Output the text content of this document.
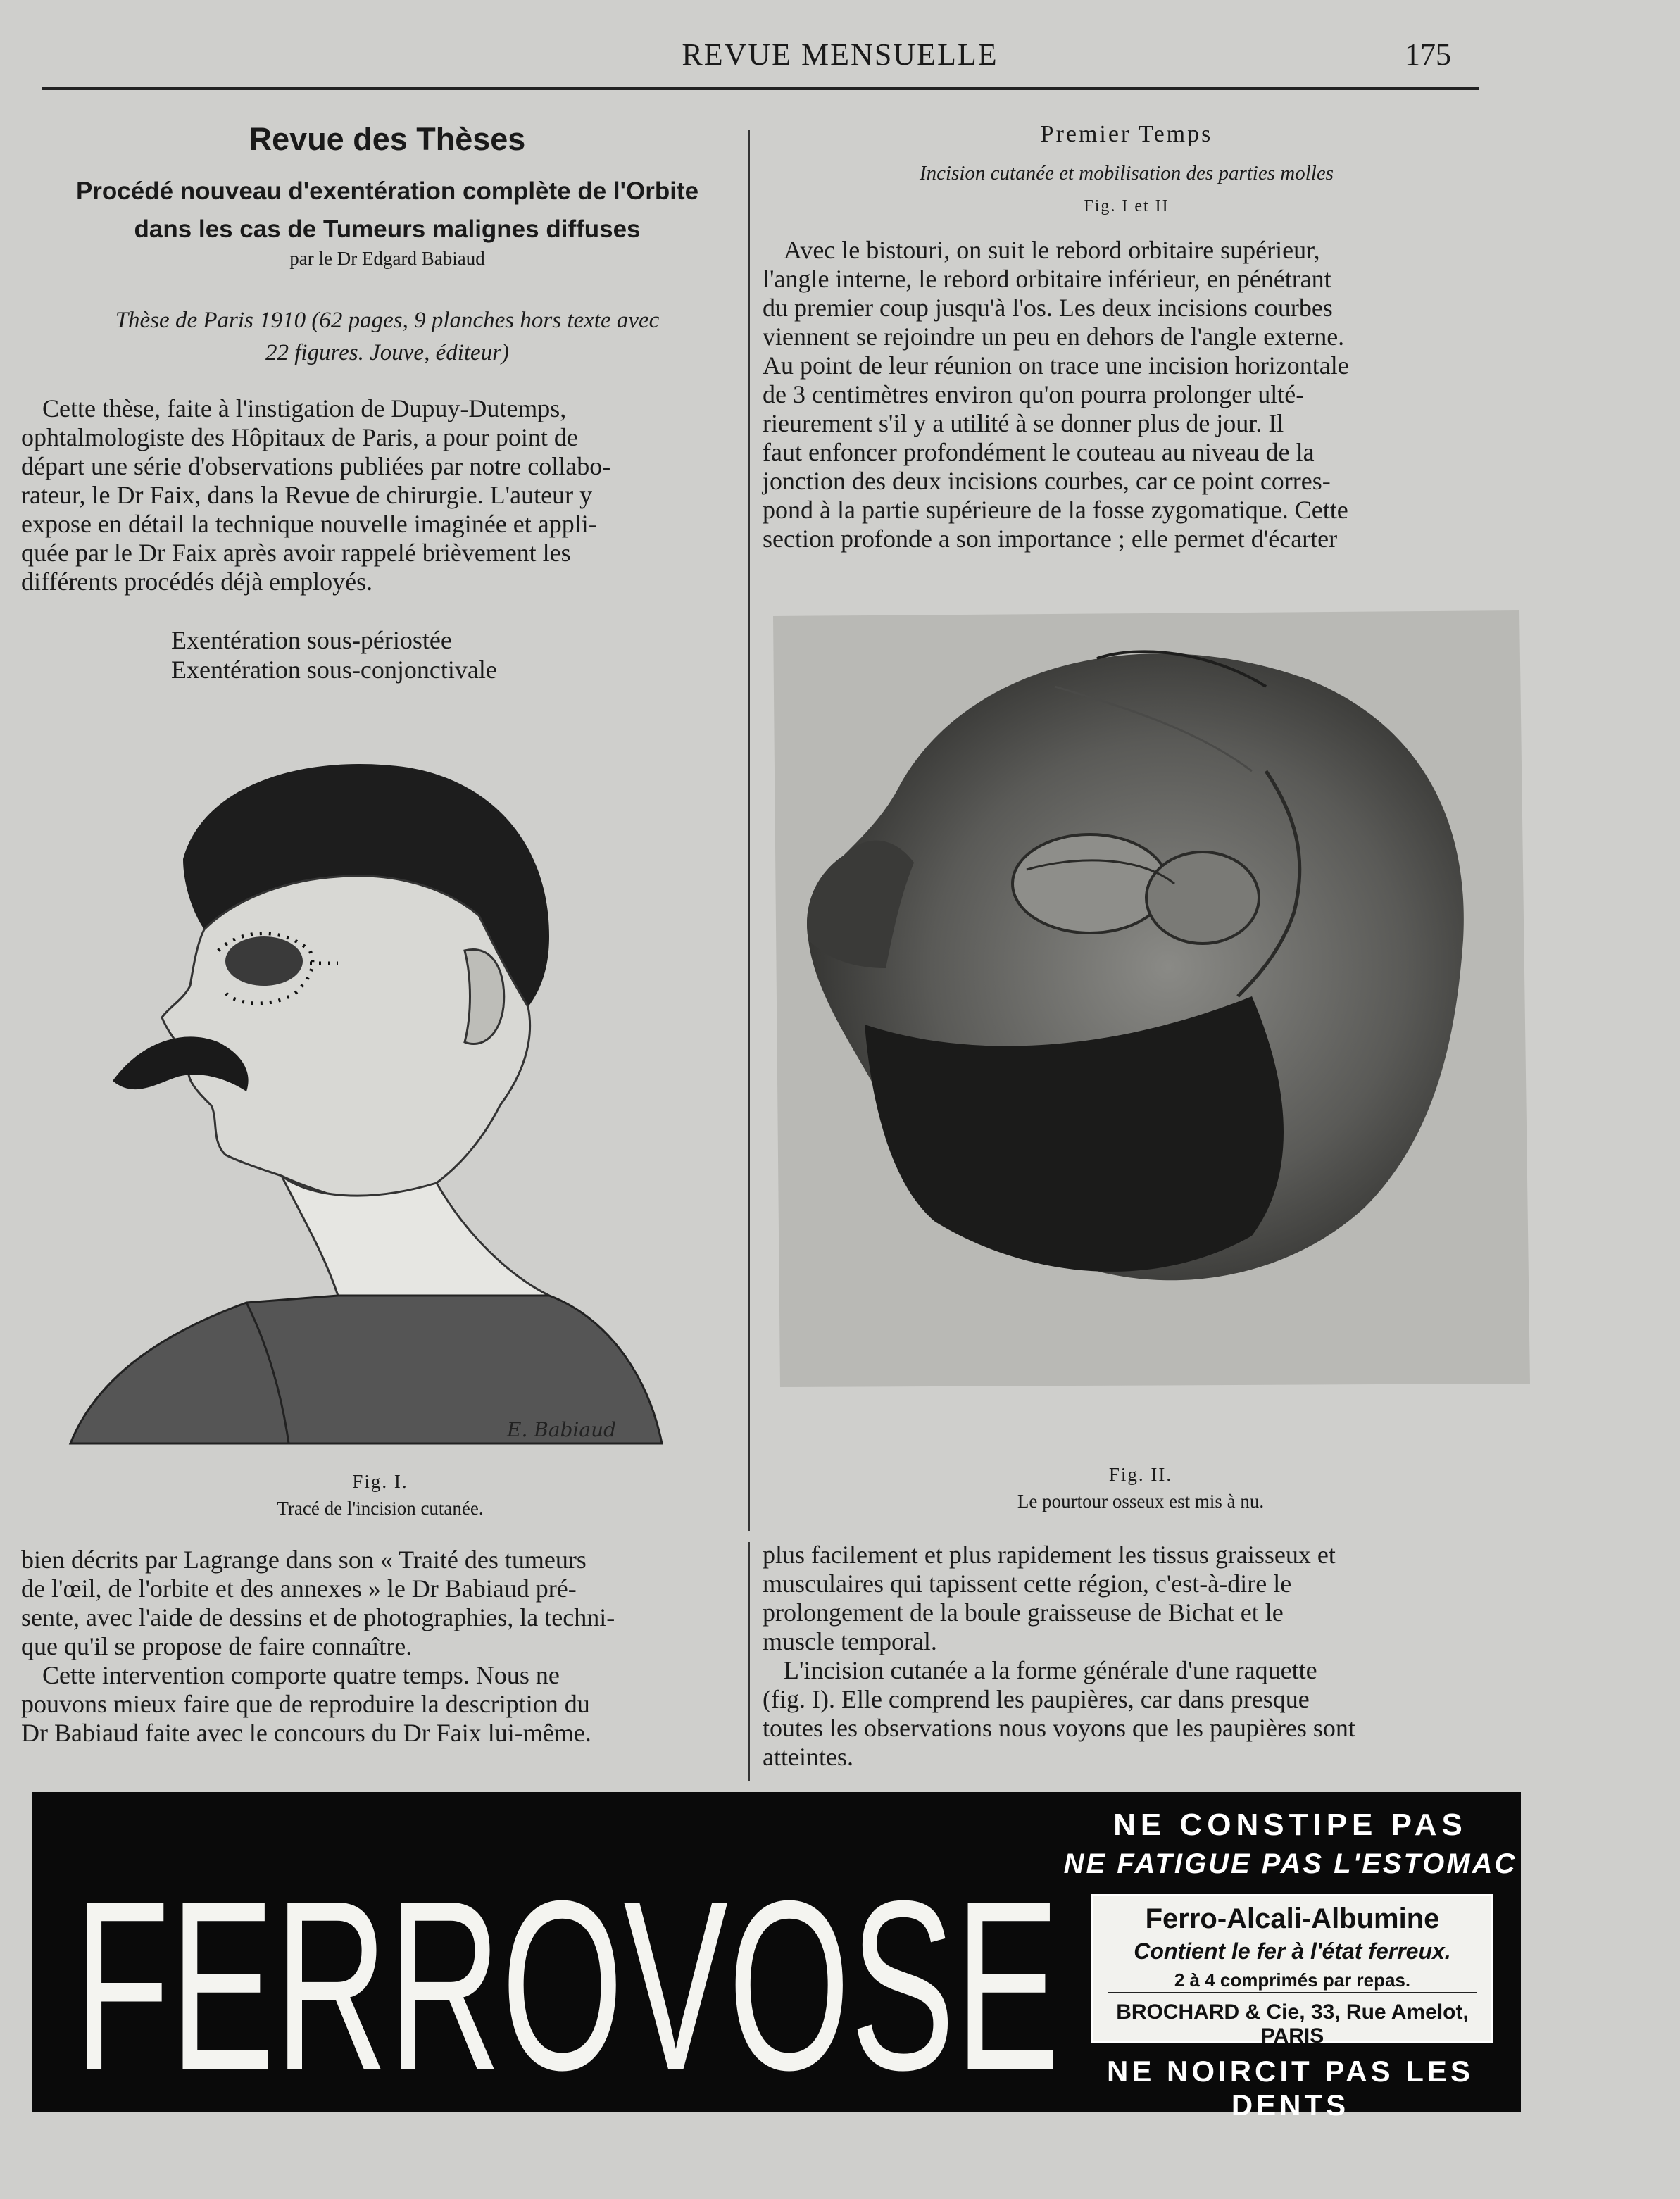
REVUE MENSUELLE	175
Revue des Thèses
Procédé nouveau d'exentération complète de l'Orbite
dans les cas de Tumeurs malignes diffuses
par le Dr Edgard Babiaud
Thèse de Paris 1910 (62 pages, 9 planches hors texte avec
22 figures. Jouve, éditeur)
Cette thèse, faite à l'instigation de Dupuy-Dutemps,
ophtalmologiste des Hôpitaux de Paris, a pour point de
départ une série d'observations publiées par notre collabo-
rateur, le Dr Faix, dans la Revue de chirurgie. L'auteur y
expose en détail la technique nouvelle imaginée et appli-
quée par le Dr Faix après avoir rappelé brièvement les
différents procédés déjà employés.
Exentération sous-périostée
Exentération sous-conjonctivale
E. Babiaud
Fig. I.
Tracé de l'incision cutanée.
Premier Temps
Incision cutanée et mobilisation des parties molles
Fig. I et II
Avec le bistouri, on suit le rebord orbitaire supérieur,
l'angle interne, le rebord orbitaire inférieur, en pénétrant
du premier coup jusqu'à l'os. Les deux incisions courbes
viennent se rejoindre un peu en dehors de l'angle externe.
Au point de leur réunion on trace une incision horizontale
de 3 centimètres environ qu'on pourra prolonger ulté-
rieurement s'il y a utilité à se donner plus de jour. Il
faut enfoncer profondément le couteau au niveau de la
jonction des deux incisions courbes, car ce point corres-
pond à la partie supérieure de la fosse zygomatique. Cette
section profonde a son importance ; elle permet d'écarter
Fig. II.
Le pourtour osseux est mis à nu.
bien décrits par Lagrange dans son « Traité des tumeurs
de l'œil, de l'orbite et des annexes » le Dr Babiaud pré-
sente, avec l'aide de dessins et de photographies, la techni-
que qu'il se propose de faire connaître.
Cette intervention comporte quatre temps. Nous ne
pouvons mieux faire que de reproduire la description du
Dr Babiaud faite avec le concours du Dr Faix lui-même.
plus facilement et plus rapidement les tissus graisseux et
musculaires qui tapissent cette région, c'est-à-dire le
prolongement de la boule graisseuse de Bichat et le
muscle temporal.
L'incision cutanée a la forme générale d'une raquette
(fig. I). Elle comprend les paupières, car dans presque
toutes les observations nous voyons que les paupières sont
atteintes.
FERROVOSE
NE CONSTIPE PAS
NE FATIGUE PAS L'ESTOMAC
Ferro-Alcali-Albumine
Contient le fer à l'état ferreux.
2 à 4 comprimés par repas.
BROCHARD & Cie, 33, Rue Amelot, PARIS
NE NOIRCIT PAS LES DENTS
